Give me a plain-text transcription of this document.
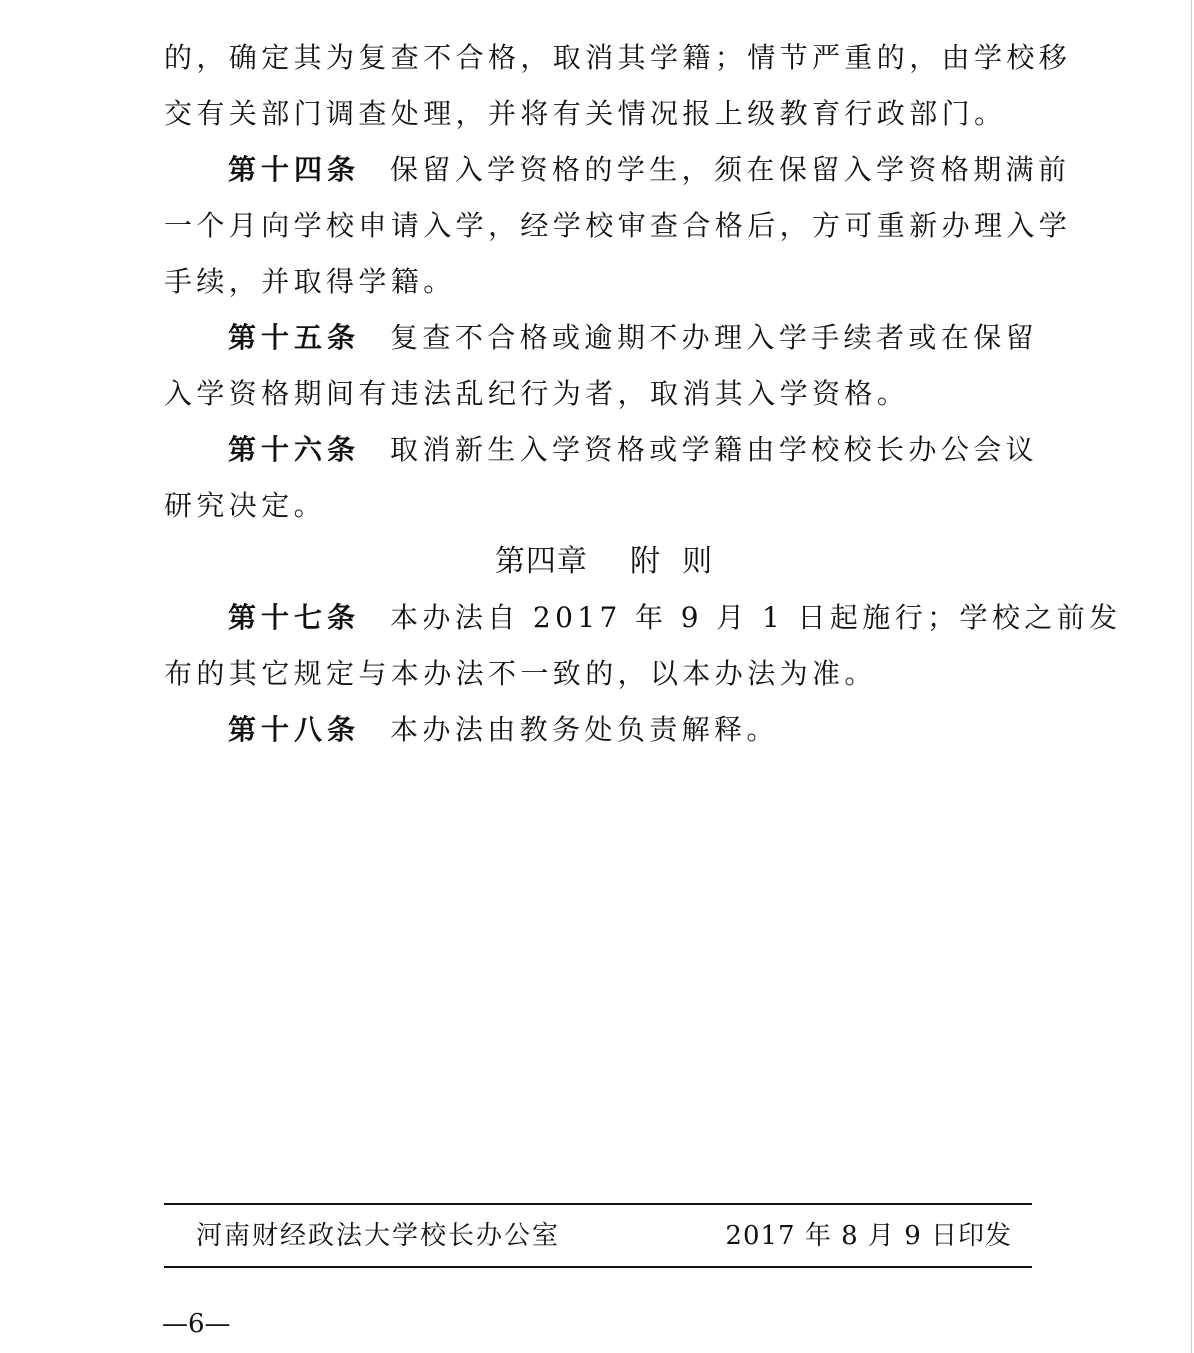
的，确定其为复查不合格，取消其学籍；情节严重的，由学校移
交有关部门调查处理，并将有关情况报上级教育行政部门。
第十四条 保留入学资格的学生，须在保留入学资格期满前
一个月向学校申请入学，经学校审查合格后，方可重新办理入学
手续，并取得学籍。
第十五条 复查不合格或逾期不办理入学手续者或在保留
入学资格期间有违法乱纪行为者，取消其入学资格。
第十六条 取消新生入学资格或学籍由学校校长办公会议
研究决定。
第四章    附  则
第十七条 本办法自 2017 年 9 月 1 日起施行；学校之前发
布的其它规定与本办法不一致的，以本办法为准。
第十八条 本办法由教务处负责解释。
河南财经政法大学校长办公室	2017 年 8 月 9 日印发
—6—
